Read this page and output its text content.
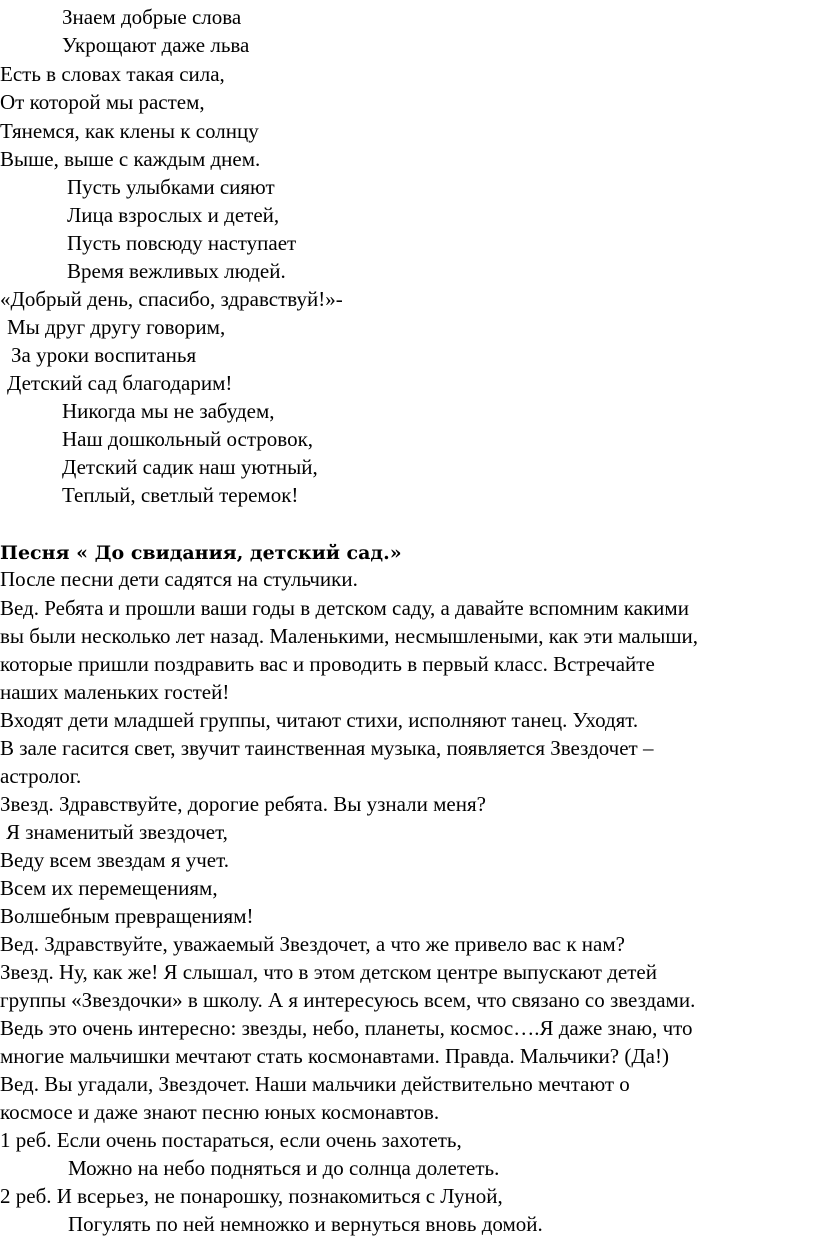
Знаем добрые слова
Укрощают даже льва
Есть в словах такая сила,
От которой мы растем,
Тянемся, как клены к солнцу
Выше, выше с каждым днем.
Пусть улыбками сияют
Лица взрослых и детей,
Пусть повсюду наступает
Время вежливых людей.
«Добрый день, спасибо, здравствуй!»-
Мы друг другу говорим,
За уроки воспитанья
Детский сад благодарим!
Никогда мы не забудем,
Наш дошкольный островок,
Детский садик наш уютный,
Теплый, светлый теремок!
Песня « До свидания, детский сад.»
После песни дети садятся на стульчики.
Вед. Ребята и прошли ваши годы в детском саду, а давайте вспомним какими
вы были несколько лет назад. Маленькими, несмышлеными, как эти малыши,
которые пришли поздравить вас и проводить в первый класс. Встречайте
наших маленьких гостей!
Входят дети младшей группы, читают стихи, исполняют танец. Уходят.
В зале гасится свет, звучит таинственная музыка, появляется Звездочет –
астролог.
Звезд. Здравствуйте, дорогие ребята. Вы узнали меня?
Я знаменитый звездочет,
Веду всем звездам я учет.
Всем их перемещениям,
Волшебным превращениям!
Вед. Здравствуйте, уважаемый Звездочет, а что же привело вас к нам?
Звезд. Ну, как же! Я слышал, что в этом детском центре выпускают детей
группы «Звездочки» в школу. А я интересуюсь всем, что связано со звездами.
Ведь это очень интересно: звезды, небо, планеты, космос….Я даже знаю, что
многие мальчишки мечтают стать космонавтами. Правда. Мальчики? (Да!)
Вед. Вы угадали, Звездочет. Наши мальчики действительно мечтают о
космосе и даже знают песню юных космонавтов.
1 реб. Если очень постараться, если очень захотеть,
Можно на небо подняться и до солнца долететь.
2 реб. И всерьез, не понарошку, познакомиться с Луной,
Погулять по ней немножко и вернуться вновь домой.
